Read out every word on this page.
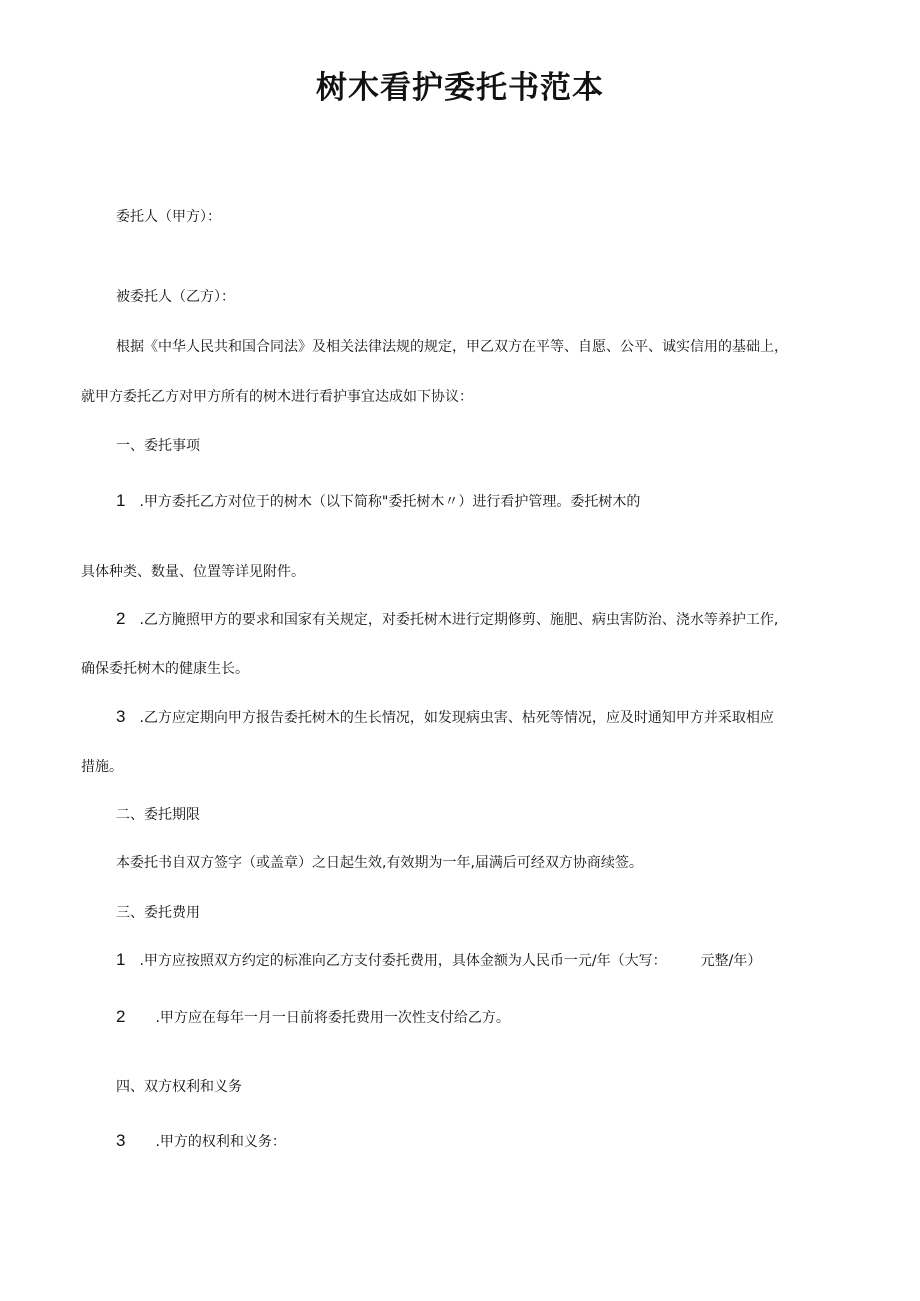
树木看护委托书范本
委托人（甲方）：
被委托人（乙方）：
根据《中华人民共和国合同法》及相关法律法规的规定，甲乙双方在平等、自愿、公平、诚实信用的基础上，
就甲方委托乙方对甲方所有的树木进行看护事宜达成如下协议：
一、委托事项
1 .甲方委托乙方对位于的树木（以下简称"委托树木〃）进行看护管理。委托树木的
具体种类、数量、位置等详见附件。
2 .乙方腌照甲方的要求和国家有关规定，对委托树木进行定期修剪、施肥、病虫害防治、浇水等养护工作,
确保委托树木的健康生长。
3 .乙方应定期向甲方报告委托树木的生长情况，如发现病虫害、枯死等情况，应及时通知甲方并采取相应
措施。
二、委托期限
本委托书自双方签字（或盖章）之日起生效,有效期为一年,届满后可经双方协商续签。
三、委托费用
1 .甲方应按照双方约定的标准向乙方支付委托费用，具体金额为人民币一元/年（大写： 元整/年）
2 .甲方应在每年一月一日前将委托费用一次性支付给乙方。
四、双方权利和义务
3 .甲方的权利和义务：
